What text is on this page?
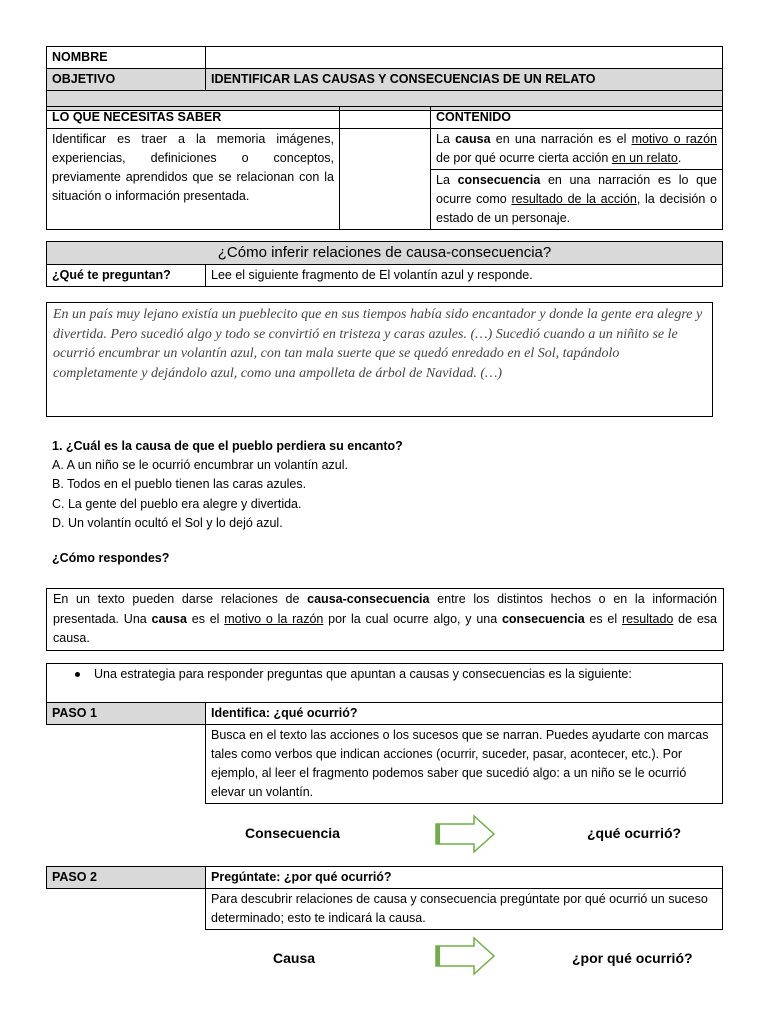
NOMBRE	
OBJETIVO	IDENTIFICAR LAS CAUSAS Y CONSECUENCIAS DE UN RELATO

LO QUE NECESITAS SABER		CONTENIDO
Identificar es traer a la memoria imágenes, experiencias, definiciones o conceptos, previamente aprendidos que se relacionan con la situación o información presentada.		La causa en una narración es el motivo o razón de por qué ocurre cierta acción en un relato.
		La consecuencia en una narración es lo que ocurre como resultado de la acción, la decisión o estado de un personaje.
¿Cómo inferir relaciones de causa-consecuencia?
¿Qué te preguntan?	Lee el siguiente fragmento de El volantín azul y responde.
En un país muy lejano existía un pueblecito que en sus tiempos había sido encantador y donde la gente era alegre y divertida. Pero sucedió algo y todo se convirtió en tristeza y caras azules. (…) Sucedió cuando a un niñito se le ocurrió encumbrar un volantín azul, con tan mala suerte que se quedó enredado en el Sol, tapándolo completamente y dejándolo azul, como una ampolleta de árbol de Navidad. (…)
1. ¿Cuál es la causa de que el pueblo perdiera su encanto?
A. A un niño se le ocurrió encumbrar un volantín azul.
B. Todos en el pueblo tienen las caras azules.
C. La gente del pueblo era alegre y divertida.
D. Un volantín ocultó el Sol y lo dejó azul.
¿Cómo respondes?
En un texto pueden darse relaciones de causa-consecuencia entre los distintos hechos o en la información presentada. Una causa es el motivo o la razón por la cual ocurre algo, y una consecuencia es el resultado de esa causa.
Una estrategia para responder preguntas que apuntan a causas y consecuencias es la siguiente:	
PASO 1	Identifica: ¿qué ocurrió?
	Busca en el texto las acciones o los sucesos que se narran. Puedes ayudarte con marcas tales como verbos que indican acciones (ocurrir, suceder, pasar, acontecer, etc.). Por ejemplo, al leer el fragmento podemos saber que sucedió algo: a un niño se le ocurrió elevar un volantín.
Consecuencia	¿qué ocurrió?
PASO 2	Pregúntate: ¿por qué ocurrió?
	Para descubrir relaciones de causa y consecuencia pregúntate por qué ocurrió un suceso determinado; esto te indicará la causa.
Causa	¿por qué ocurrió?
